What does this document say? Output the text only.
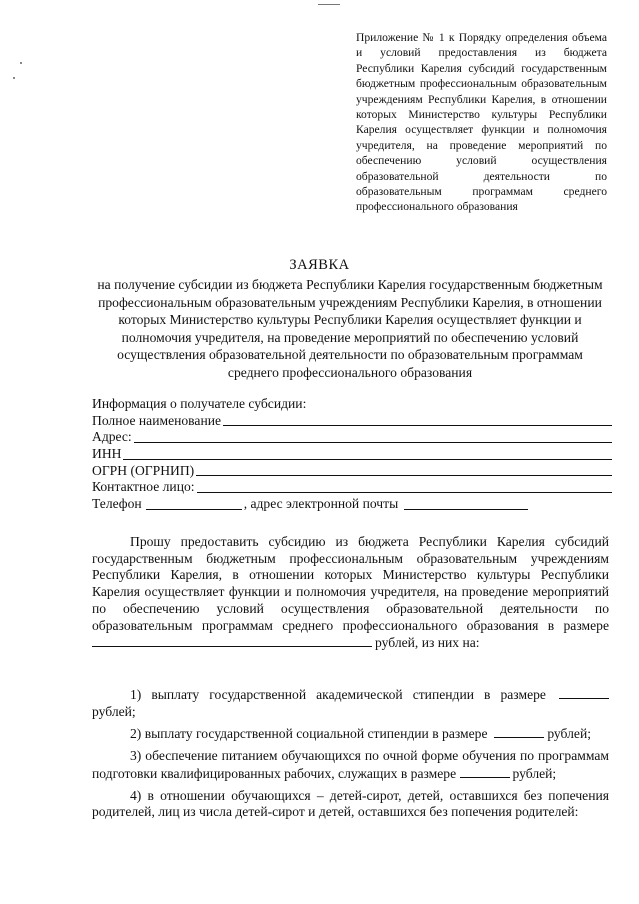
Приложение № 1 к Порядку определения объема и условий предоставления из бюджета Республики Карелия субсидий государственным бюджетным профессиональным образовательным учреждениям Республики Карелия, в отношении которых Министерство культуры Республики Карелия осуществляет функции и полномочия учредителя, на проведение мероприятий по обеспечению условий осуществления образовательной деятельности по образовательным программам среднего профессионального образования
ЗАЯВКА
на получение субсидии из бюджета Республики Карелия государственным бюджетным профессиональным образовательным учреждениям Республики Карелия, в отношении которых Министерство культуры Республики Карелия осуществляет функции и полномочия учредителя, на проведение мероприятий по обеспечению условий осуществления образовательной деятельности по образовательным программам среднего профессионального образования
Информация о получателе субсидии:
Полное наименование
Адрес:
ИНН
ОГРН (ОГРНИП)
Контактное лицо:
Телефон	, адрес электронной почты
Прошу предоставить субсидию из бюджета Республики Карелия субсидий государственным бюджетным профессиональным образовательным учреждениям Республики Карелия, в отношении которых Министерство культуры Республики Карелия осуществляет функции и полномочия учредителя, на проведение мероприятий по обеспечению условий осуществления образовательной деятельности по образовательным программам среднего профессионального образования в размере рублей, из них на:
1) выплату государственной академической стипендии в размере  рублей;
2) выплату государственной социальной стипендии в размере	рублей;
3) обеспечение питанием обучающихся по очной форме обучения по программам подготовки квалифицированных рабочих, служащих в размере	рублей;
4) в отношении обучающихся – детей-сирот, детей, оставшихся без попечения родителей, лиц из числа детей-сирот и детей, оставшихся без попечения родителей:
